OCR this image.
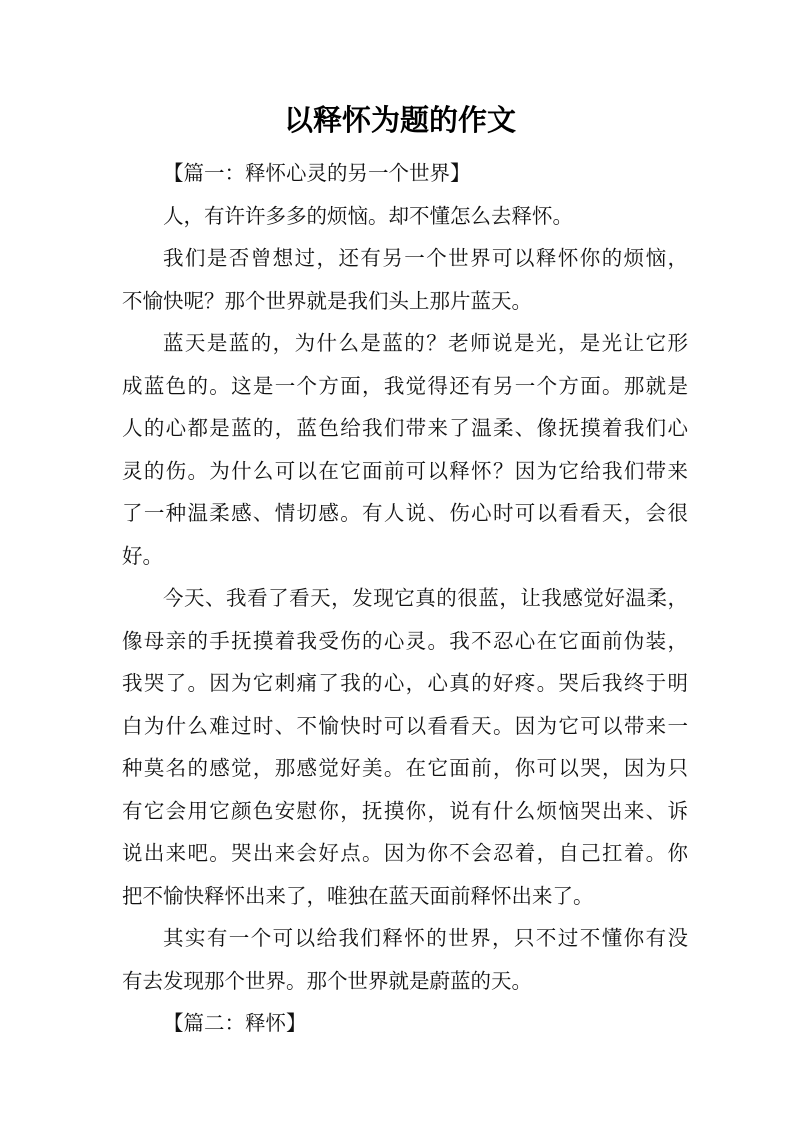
以释怀为题的作文
【篇一：释怀心灵的另一个世界】
人，有许许多多的烦恼。却不懂怎么去释怀。
我们是否曾想过，还有另一个世界可以释怀你的烦恼，
不愉快呢？那个世界就是我们头上那片蓝天。
蓝天是蓝的，为什么是蓝的？老师说是光，是光让它形
成蓝色的。这是一个方面，我觉得还有另一个方面。那就是
人的心都是蓝的，蓝色给我们带来了温柔、像抚摸着我们心
灵的伤。为什么可以在它面前可以释怀？因为它给我们带来
了一种温柔感、情切感。有人说、伤心时可以看看天，会很
好。
今天、我看了看天，发现它真的很蓝，让我感觉好温柔，
像母亲的手抚摸着我受伤的心灵。我不忍心在它面前伪装，
我哭了。因为它刺痛了我的心，心真的好疼。哭后我终于明
白为什么难过时、不愉快时可以看看天。因为它可以带来一
种莫名的感觉，那感觉好美。在它面前，你可以哭，因为只
有它会用它颜色安慰你，抚摸你，说有什么烦恼哭出来、诉
说出来吧。哭出来会好点。因为你不会忍着，自己扛着。你
把不愉快释怀出来了，唯独在蓝天面前释怀出来了。
其实有一个可以给我们释怀的世界，只不过不懂你有没
有去发现那个世界。那个世界就是蔚蓝的天。
【篇二：释怀】
